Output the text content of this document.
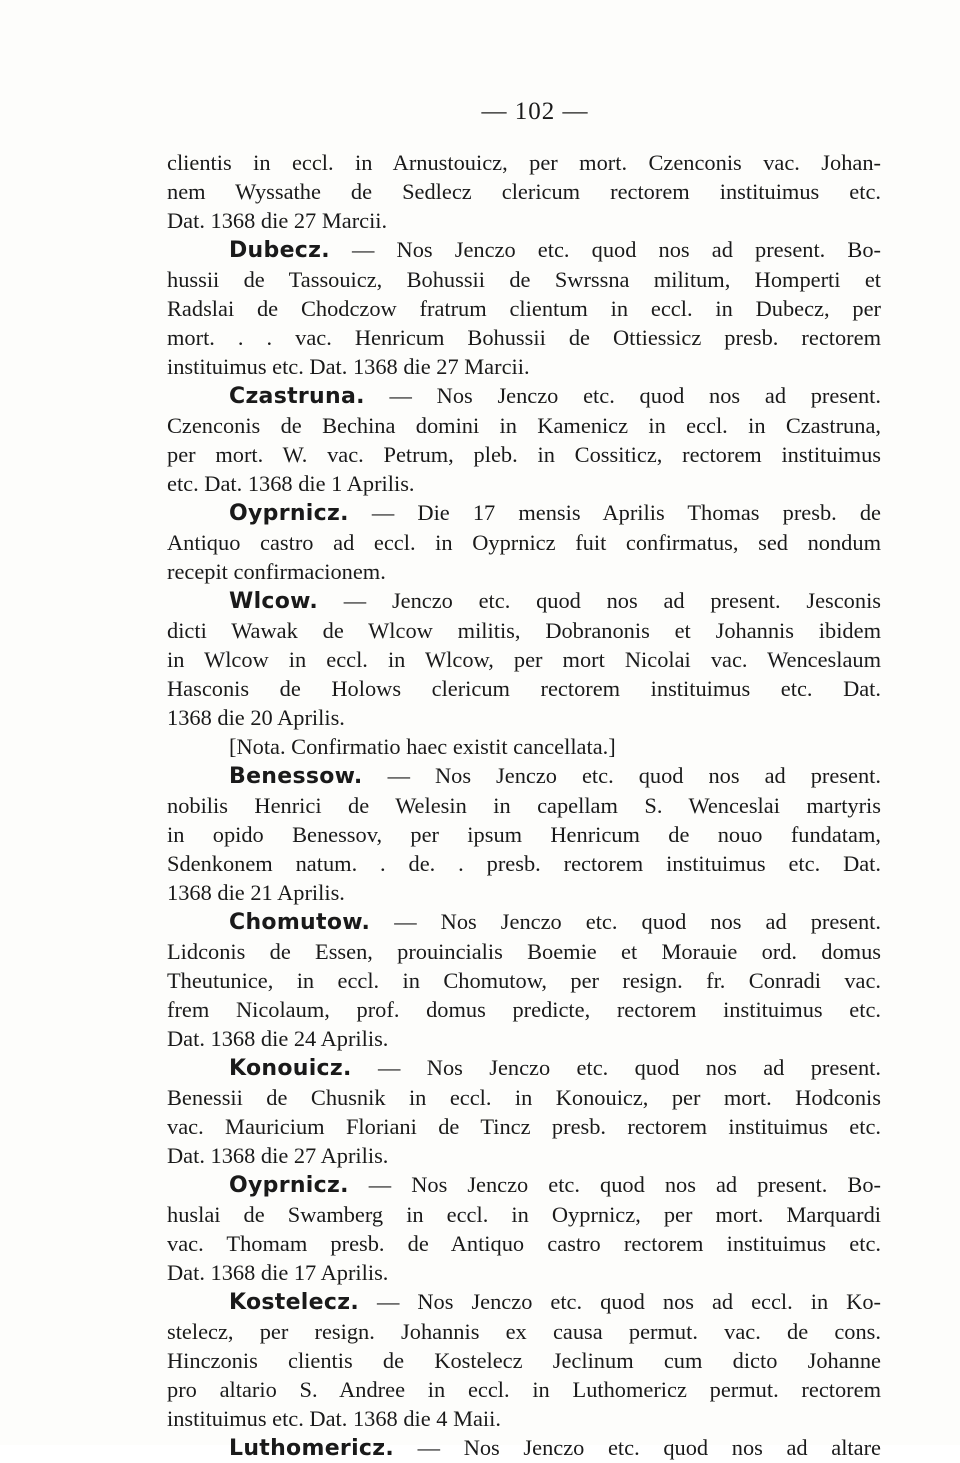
— 102 —
clientis in eccl. in Arnustouicz, per mort. Czenconis vac. Johan-
nem Wyssathe de Sedlecz clericum rectorem instituimus etc.
Dat. 1368 die 27 Marcii.
Dubecz. — Nos Jenczo etc. quod nos ad present. Bo-
hussii de Tassouicz, Bohussii de Swrssna militum, Homperti et
Radslai de Chodczow fratrum clientum in eccl. in Dubecz, per
mort. . . vac. Henricum Bohussii de Ottiessicz presb. rectorem
instituimus etc. Dat. 1368 die 27 Marcii.
Czastruna. — Nos Jenczo etc. quod nos ad present.
Czenconis de Bechina domini in Kamenicz in eccl. in Czastruna,
per mort. W. vac. Petrum, pleb. in Cossiticz, rectorem instituimus
etc. Dat. 1368 die 1 Aprilis.
Oyprnicz. — Die 17 mensis Aprilis Thomas presb. de
Antiquo castro ad eccl. in Oyprnicz fuit confirmatus, sed nondum
recepit confirmacionem.
Wlcow. — Jenczo etc. quod nos ad present. Jesconis
dicti Wawak de Wlcow militis, Dobranonis et Johannis ibidem
in Wlcow in eccl. in Wlcow, per mort Nicolai vac. Wenceslaum
Hasconis de Holows clericum rectorem instituimus etc. Dat.
1368 die 20 Aprilis.
[Nota. Confirmatio haec existit cancellata.]
Benessow. — Nos Jenczo etc. quod nos ad present.
nobilis Henrici de Welesin in capellam S. Wenceslai martyris
in opido Benessov, per ipsum Henricum de nouo fundatam,
Sdenkonem natum. . de. . presb. rectorem instituimus etc. Dat.
1368 die 21 Aprilis.
Chomutow. — Nos Jenczo etc. quod nos ad present.
Lidconis de Essen, prouincialis Boemie et Morauie ord. domus
Theutunice, in eccl. in Chomutow, per resign. fr. Conradi vac.
frem Nicolaum, prof. domus predicte, rectorem instituimus etc.
Dat. 1368 die 24 Aprilis.
Konouicz. — Nos Jenczo etc. quod nos ad present.
Benessii de Chusnik in eccl. in Konouicz, per mort. Hodconis
vac. Mauricium Floriani de Tincz presb. rectorem instituimus etc.
Dat. 1368 die 27 Aprilis.
Oyprnicz. — Nos Jenczo etc. quod nos ad present. Bo-
huslai de Swamberg in eccl. in Oyprnicz, per mort. Marquardi
vac. Thomam presb. de Antiquo castro rectorem instituimus etc.
Dat. 1368 die 17 Aprilis.
Kostelecz. — Nos Jenczo etc. quod nos ad eccl. in Ko-
stelecz, per resign. Johannis ex causa permut. vac. de cons.
Hinczonis clientis de Kostelecz Jeclinum cum dicto Johanne
pro altario S. Andree in eccl. in Luthomericz permut. rectorem
instituimus etc. Dat. 1368 die 4 Maii.
Luthomericz. — Nos Jenczo etc. quod nos ad altare
